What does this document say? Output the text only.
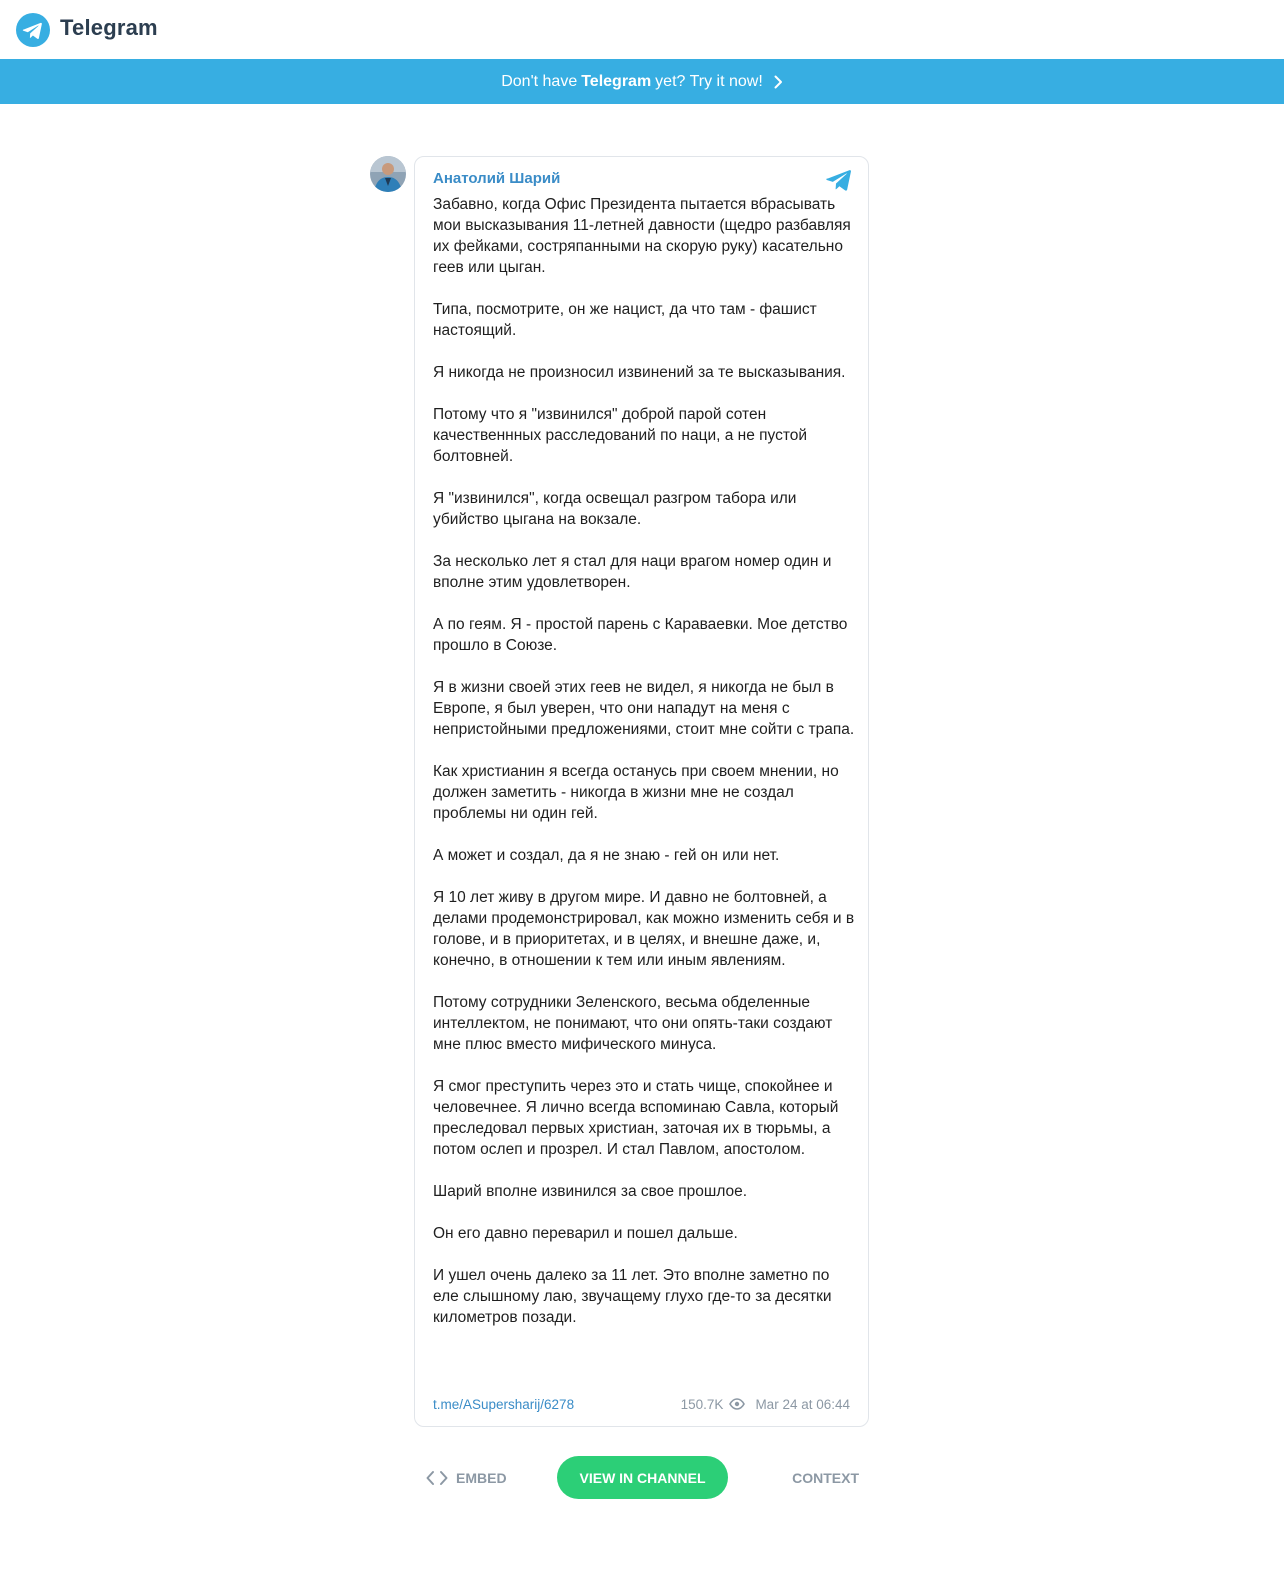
Telegram
Don't have Telegram yet? Try it now!
Анатолий Шарий

Забавно, когда Офис Президента пытается вбрасывать мои высказывания 11-летней давности (щедро разбавляя их фейками, состряпанными на скорую руку) касательно геев или цыган.

Типа, посмотрите, он же нацист, да что там - фашист настоящий.

Я никогда не произносил извинений за те высказывания.

Потому что я "извинился" доброй парой сотен качественнных расследований по наци, а не пустой болтовней.

Я "извинился", когда освещал разгром табора или убийство цыгана на вокзале.

За несколько лет я стал для наци врагом номер один и вполне этим удовлетворен.

А по геям. Я - простой парень с Караваевки. Мое детство прошло в Союзе.

Я в жизни своей этих геев не видел, я никогда не был в Европе, я был уверен, что они нападут на меня с непристойными предложениями, стоит мне сойти с трапа.

Как христианин я всегда останусь при своем мнении, но должен заметить - никогда в жизни мне не создал проблемы ни один гей.

А может и создал, да я не знаю - гей он или нет.

Я 10 лет живу в другом мире. И давно не болтовней, а делами продемонстрировал, как можно изменить себя и в голове, и в приоритетах, и в целях, и внешне даже, и, конечно, в отношении к тем или иным явлениям.

Потому сотрудники Зеленского, весьма обделенные интеллектом, не понимают, что они опять-таки создают мне плюс вместо мифического минуса.

Я смог преступить через это и стать чище, спокойнее и человечнее. Я лично всегда вспоминаю Савла, который преследовал первых христиан, заточая их в тюрьмы, а потом ослеп и прозрел. И стал Павлом, апостолом.

Шарий вполне извинился за свое прошлое.

Он его давно переварил и пошел дальше.

И ушел очень далеко за 11 лет. Это вполне заметно по еле слышному лаю, звучащему глухо где-то за десятки километров позади.

t.me/ASupersharij/6278	150.7K Mar 24 at 06:44
EMBED	VIEW IN CHANNEL	CONTEXT
